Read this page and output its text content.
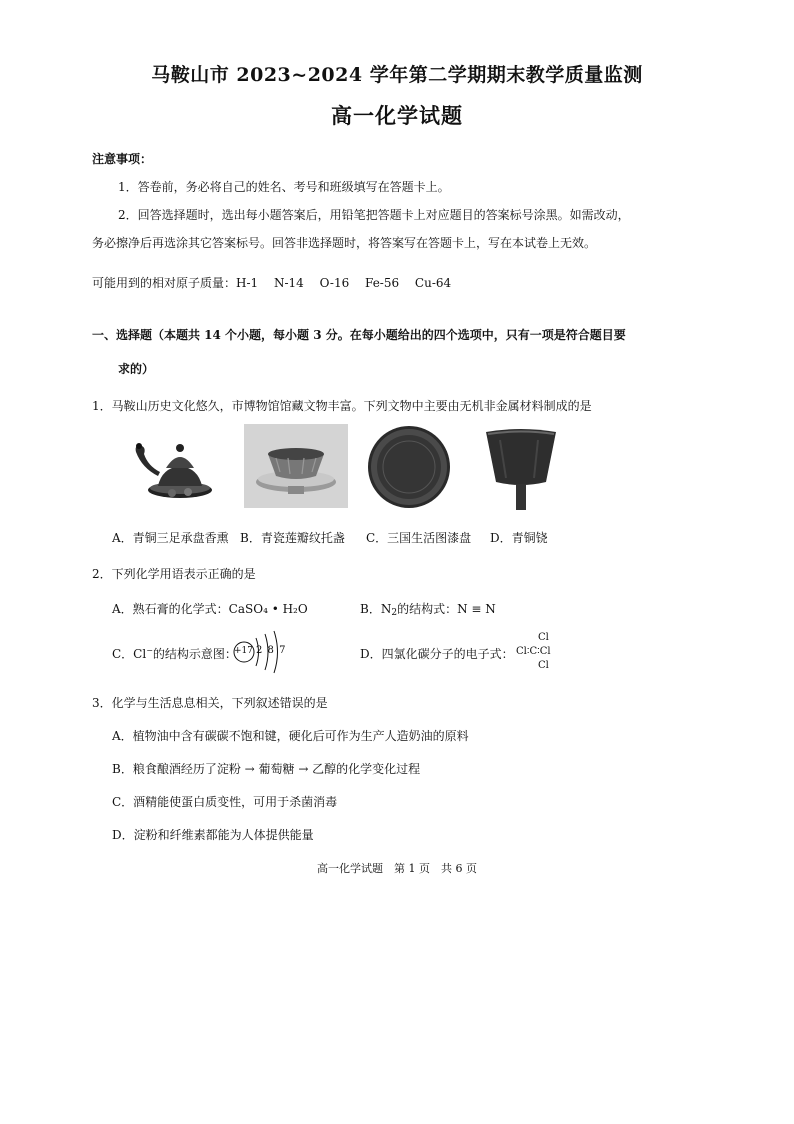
马鞍山市 2023~2024 学年第二学期期末教学质量监测
高一化学试题
注意事项：
1．答卷前，务必将自己的姓名、考号和班级填写在答题卡上。
2．回答选择题时，选出每小题答案后，用铅笔把答题卡上对应题目的答案标号涂黑。如需改动，
务必擦净后再选涂其它答案标号。回答非选择题时，将答案写在答题卡上，写在本试卷上无效。
可能用到的相对原子质量：H-1　 N-14　 O-16　 Fe-56　 Cu-64
一、选择题（本题共 14 个小题，每小题 3 分。在每小题给出的四个选项中，只有一项是符合题目要
求的）
1．马鞍山历史文化悠久，市博物馆馆藏文物丰富。下列文物中主要由无机非金属材料制成的是
A．青铜三足承盘香熏 B．青瓷莲瓣纹托盏 C．三国生活图漆盘 D．青铜铙
2．下列化学用语表示正确的是
A．熟石膏的化学式：CaSO₄ • H₂O	B．N2的结构式：N ≡ N
C．Cl−的结构示意图：
+17 2 8 7	D．四氯化碳分子的电子式：
Cl
Cl∶C∶Cl
Cl
3．化学与生活息息相关，下列叙述错误的是
A．植物油中含有碳碳不饱和键，硬化后可作为生产人造奶油的原料
B．粮食酿酒经历了淀粉 → 葡萄糖 → 乙醇的化学变化过程
C．酒精能使蛋白质变性，可用于杀菌消毒
D．淀粉和纤维素都能为人体提供能量
高一化学试题　第 1 页　共 6 页
